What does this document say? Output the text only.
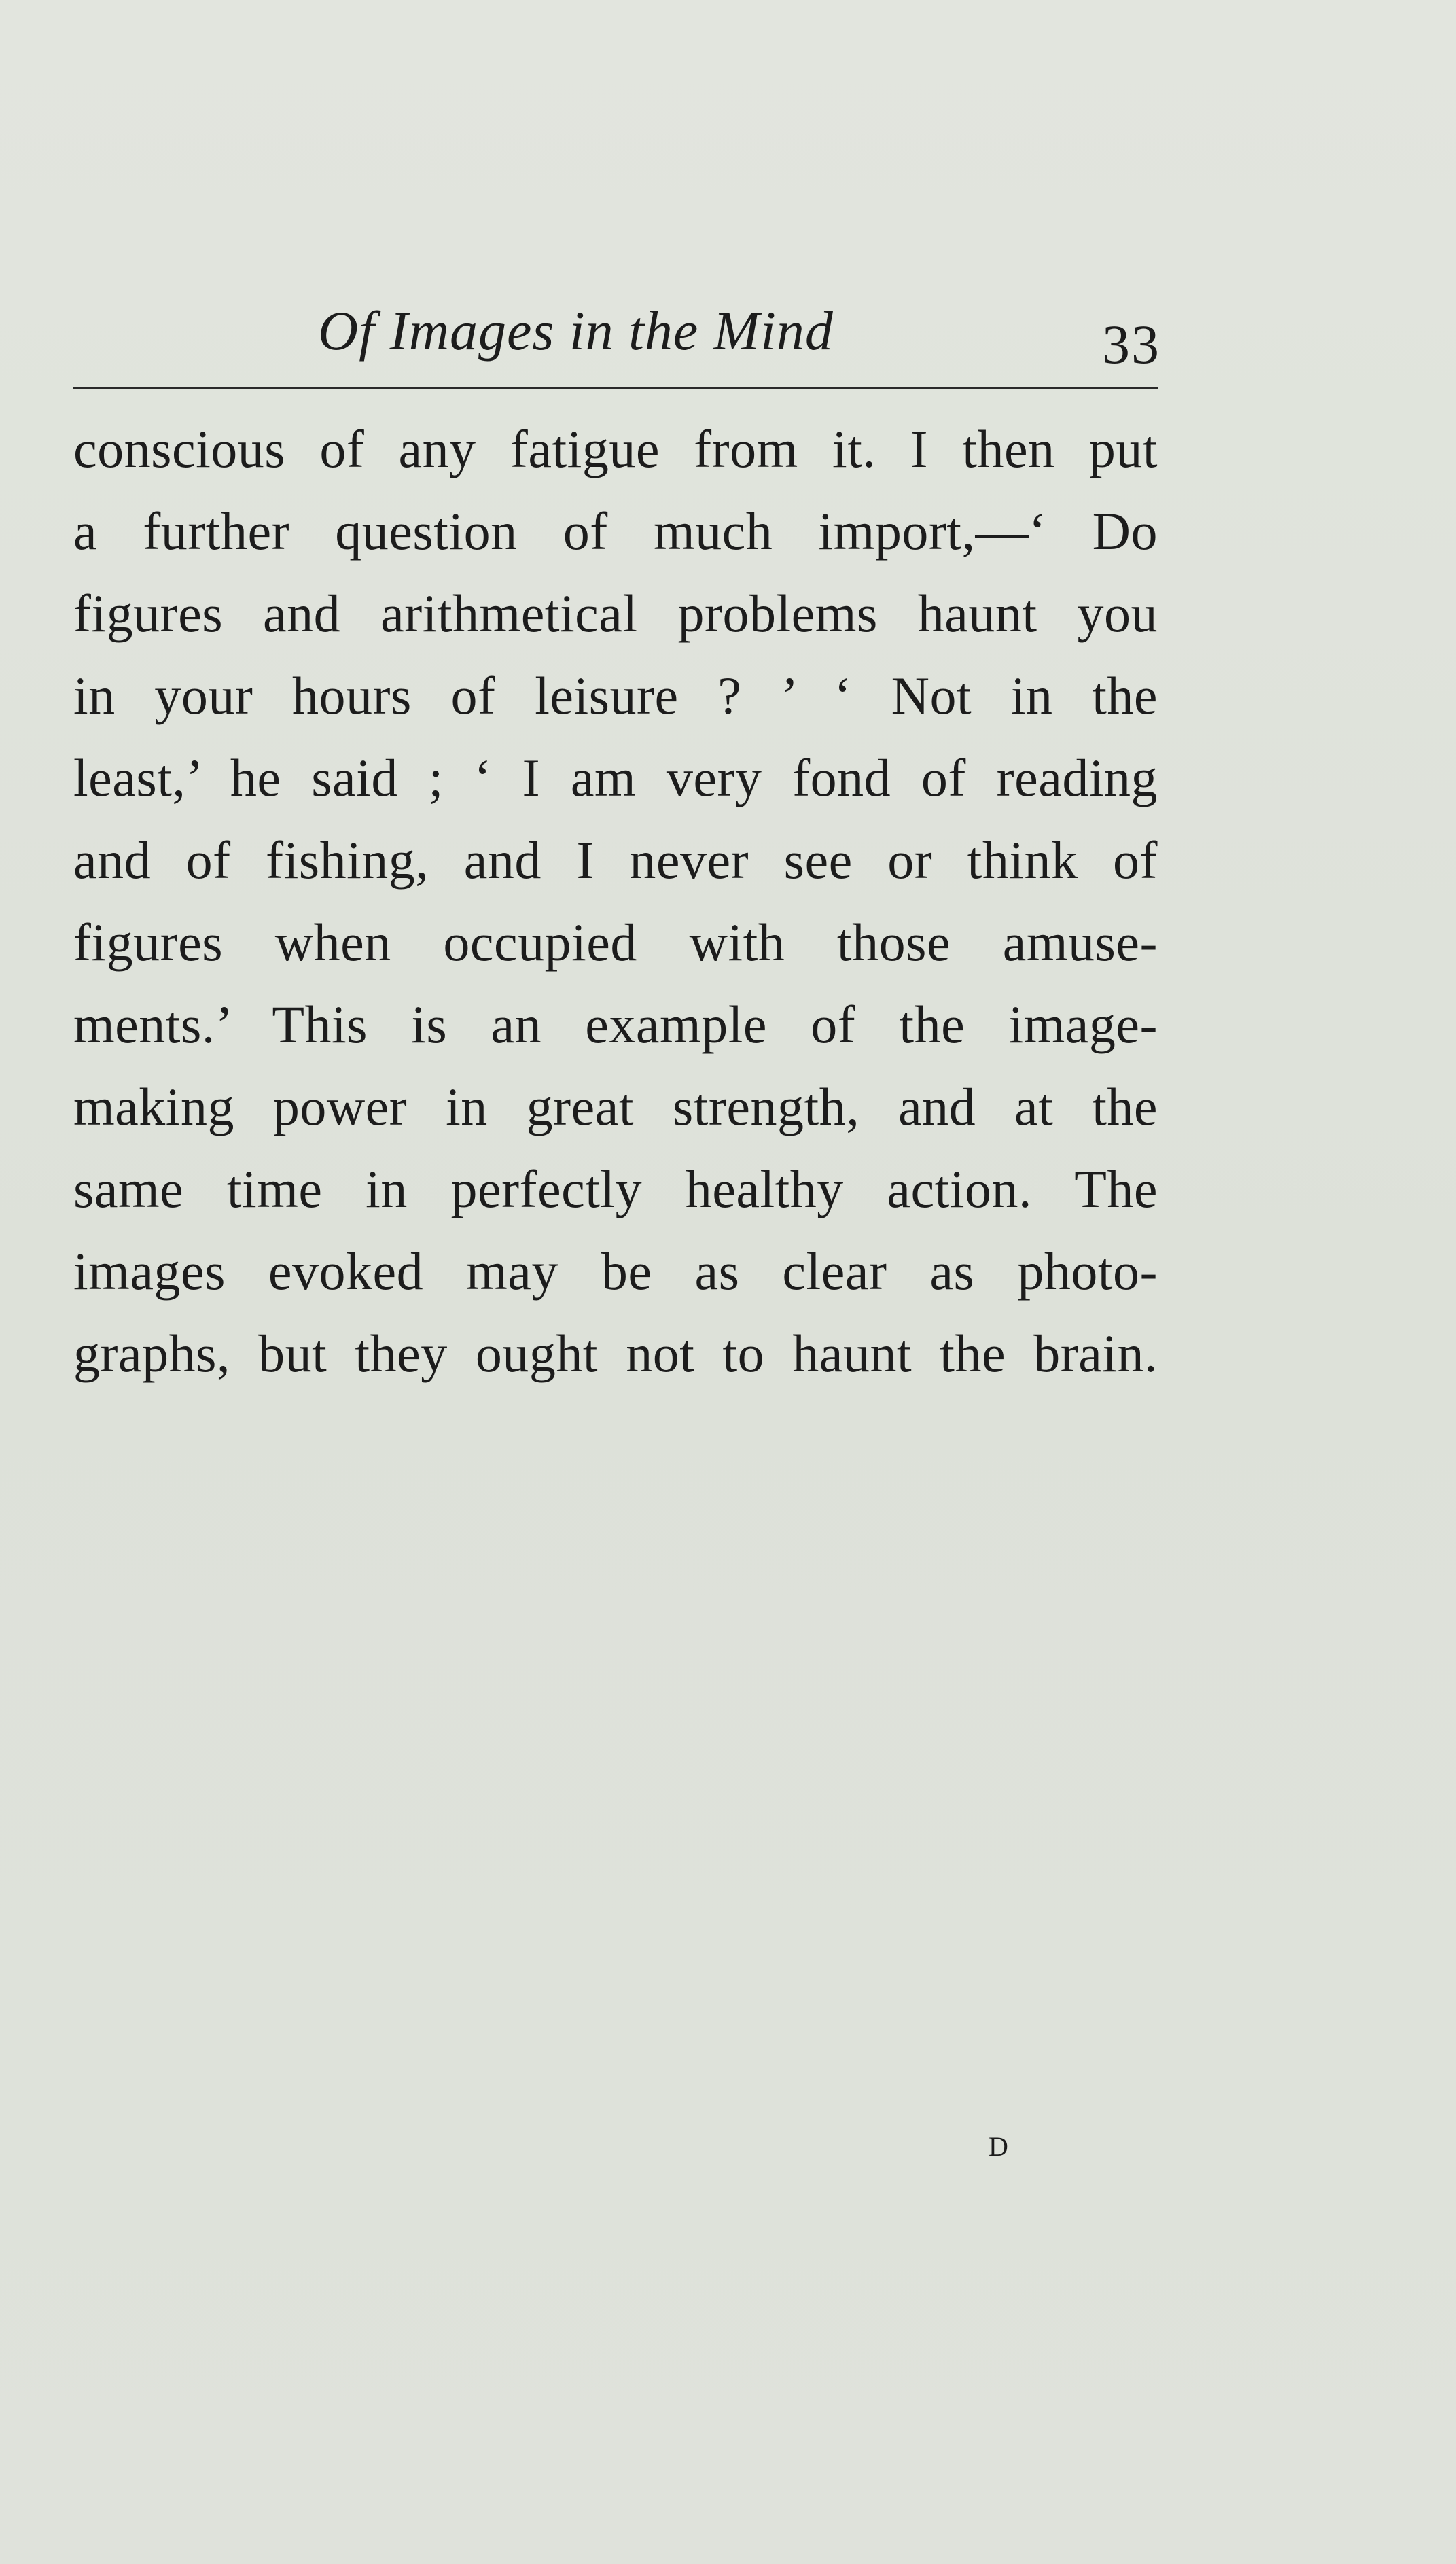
Of Images in the Mind	33
conscious of any fatigue from it. I then put
a further question of much import,—‘ Do
figures and arithmetical problems haunt you
in your hours of leisure ? ’ ‘ Not in the
least,’ he said ; ‘ I am very fond of reading
and of fishing, and I never see or think of
figures when occupied with those amuse-
ments.’ This is an example of the image-
making power in great strength, and at the
same time in perfectly healthy action. The
images evoked may be as clear as photo-
graphs, but they ought not to haunt the brain.
D
